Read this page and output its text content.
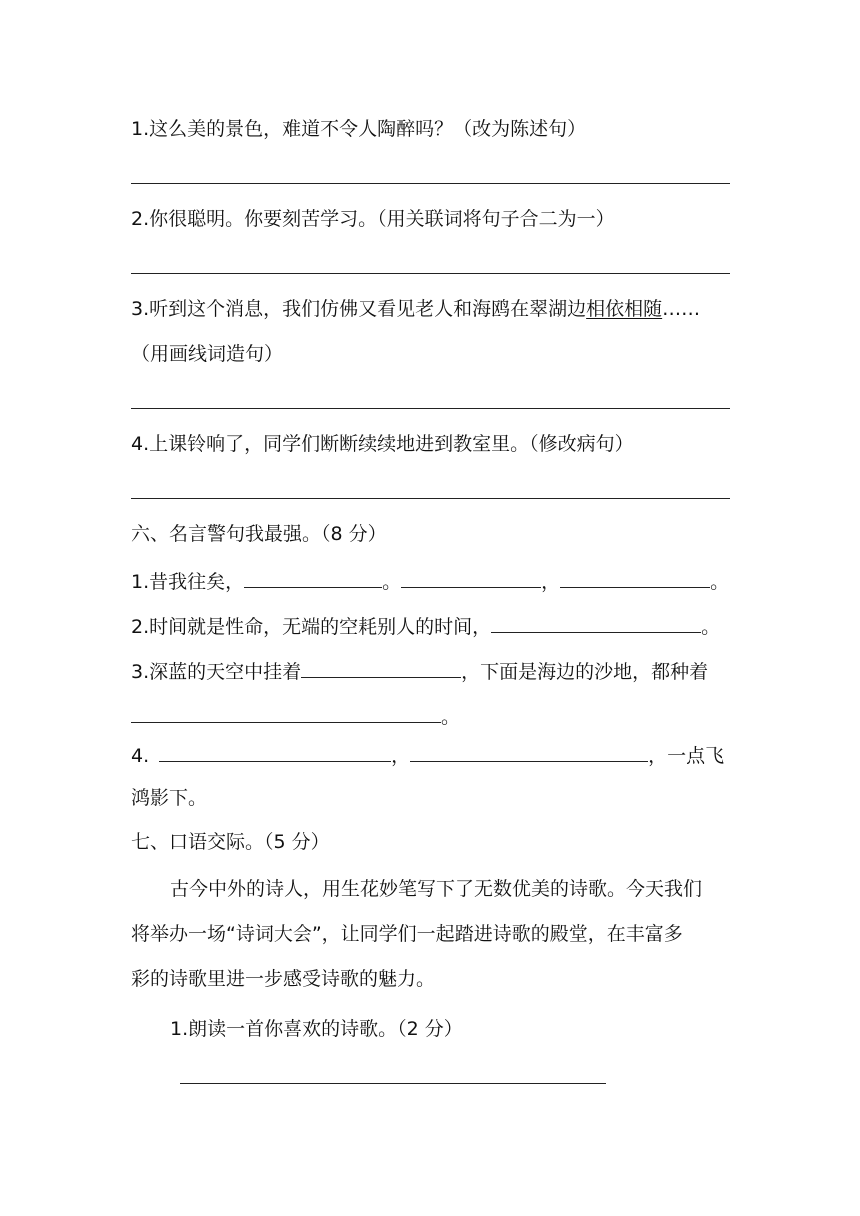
1.这么美的景色，难道不令人陶醉吗？（改为陈述句）
2.你很聪明。你要刻苦学习。（用关联词将句子合二为一）
3.听到这个消息，我们仿佛又看见老人和海鸥在翠湖边相依相随……
（用画线词造句）
4.上课铃响了，同学们断断续续地进到教室里。（修改病句）
六、名言警句我最强。（8 分）
1.昔我往矣，	。	，	。
2.时间就是性命，无端的空耗别人的时间，	。
3.深蓝的天空中挂着	，下面是海边的沙地，都种着
。
4.	，	，一点飞
鸿影下。
七、口语交际。（5 分）
古今中外的诗人，用生花妙笔写下了无数优美的诗歌。今天我们
将举办一场“诗词大会”，让同学们一起踏进诗歌的殿堂，在丰富多
彩的诗歌里进一步感受诗歌的魅力。
1.朗读一首你喜欢的诗歌。（2 分）
